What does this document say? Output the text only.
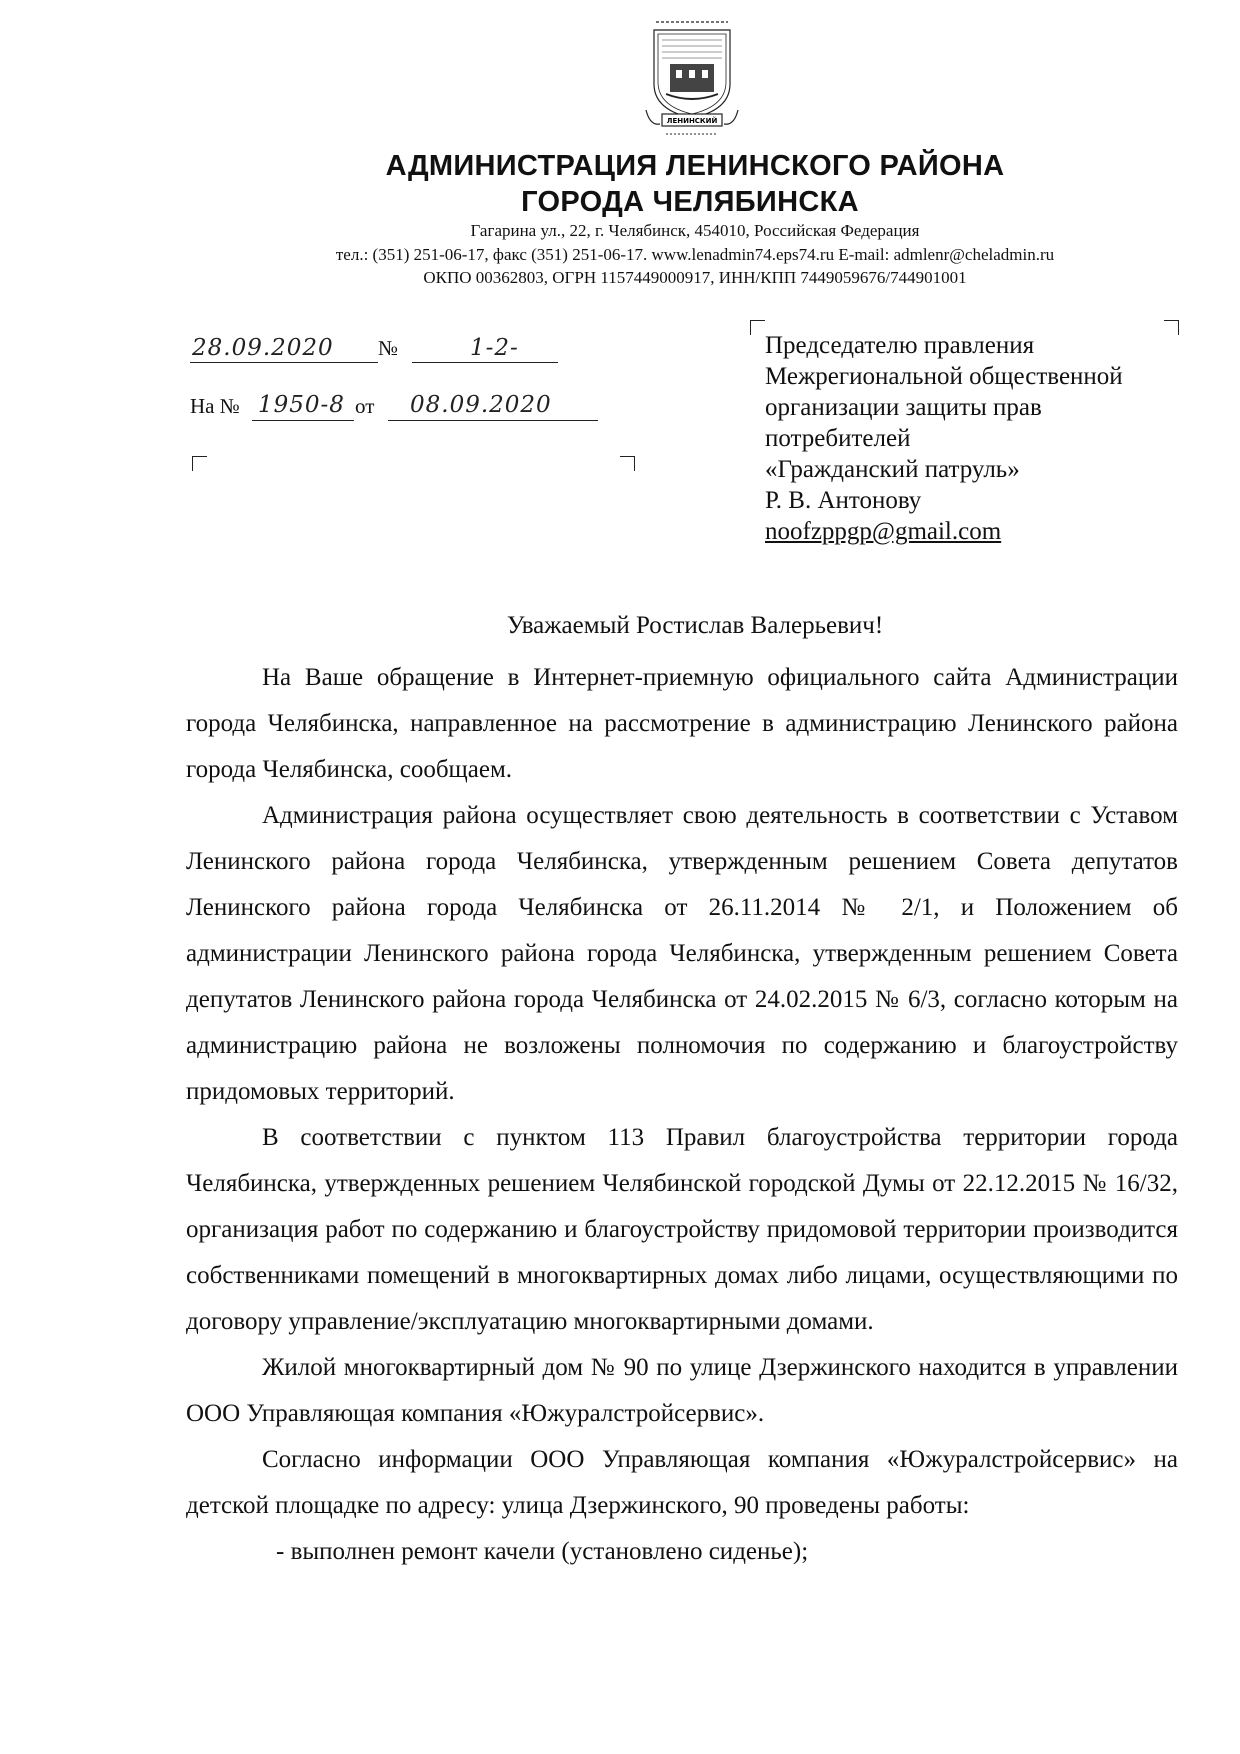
ЛЕНИНСКИЙ
АДМИНИСТРАЦИЯ ЛЕНИНСКОГО РАЙОНА
ГОРОДА ЧЕЛЯБИНСКА

Гагарина ул., 22, г. Челябинск, 454010, Российская Федерация

тел.: (351) 251-06-17, факс (351) 251-06-17. www.lenadmin74.eps74.ru E-mail: admlenr@cheladmin.ru

ОКПО 00362803, ОГРН 1157449000917, ИНН/КПП 7449059676/744901001

28.09.2020 №	1-2-
На № 1950-8 от 08.09.2020
Председателю правления
Межрегиональной общественной
организации защиты прав
потребителей
«Гражданский патруль»
Р. В. Антонову
noofzppgp@gmail.com

Уважаемый Ростислав Валерьевич!

На Ваше обращение в Интернет-приемную официального сайта Администрации города Челябинска, направленное на рассмотрение в администрацию Ленинского района города Челябинска, сообщаем.

Администрация района осуществляет свою деятельность в соответствии с Уставом Ленинского района города Челябинска, утвержденным решением Совета депутатов Ленинского района города Челябинска от 26.11.2014 № 2/1, и Положением об администрации Ленинского района города Челябинска, утвержденным решением Совета депутатов Ленинского района города Челябинска от 24.02.2015 № 6/3, согласно которым на администрацию района не возложены полномочия по содержанию и благоустройству придомовых территорий.

В соответствии с пунктом 113 Правил благоустройства территории города Челябинска, утвержденных решением Челябинской городской Думы от 22.12.2015 № 16/32, организация работ по содержанию и благоустройству придомовой территории производится собственниками помещений в многоквартирных домах либо лицами, осуществляющими по договору управление/эксплуатацию многоквартирными домами.

Жилой многоквартирный дом № 90 по улице Дзержинского находится в управлении ООО Управляющая компания «Южуралстройсервис».

Согласно информации ООО Управляющая компания «Южуралстройсервис» на детской площадке по адресу: улица Дзержинского, 90 проведены работы:

- выполнен ремонт качели (установлено сиденье);
